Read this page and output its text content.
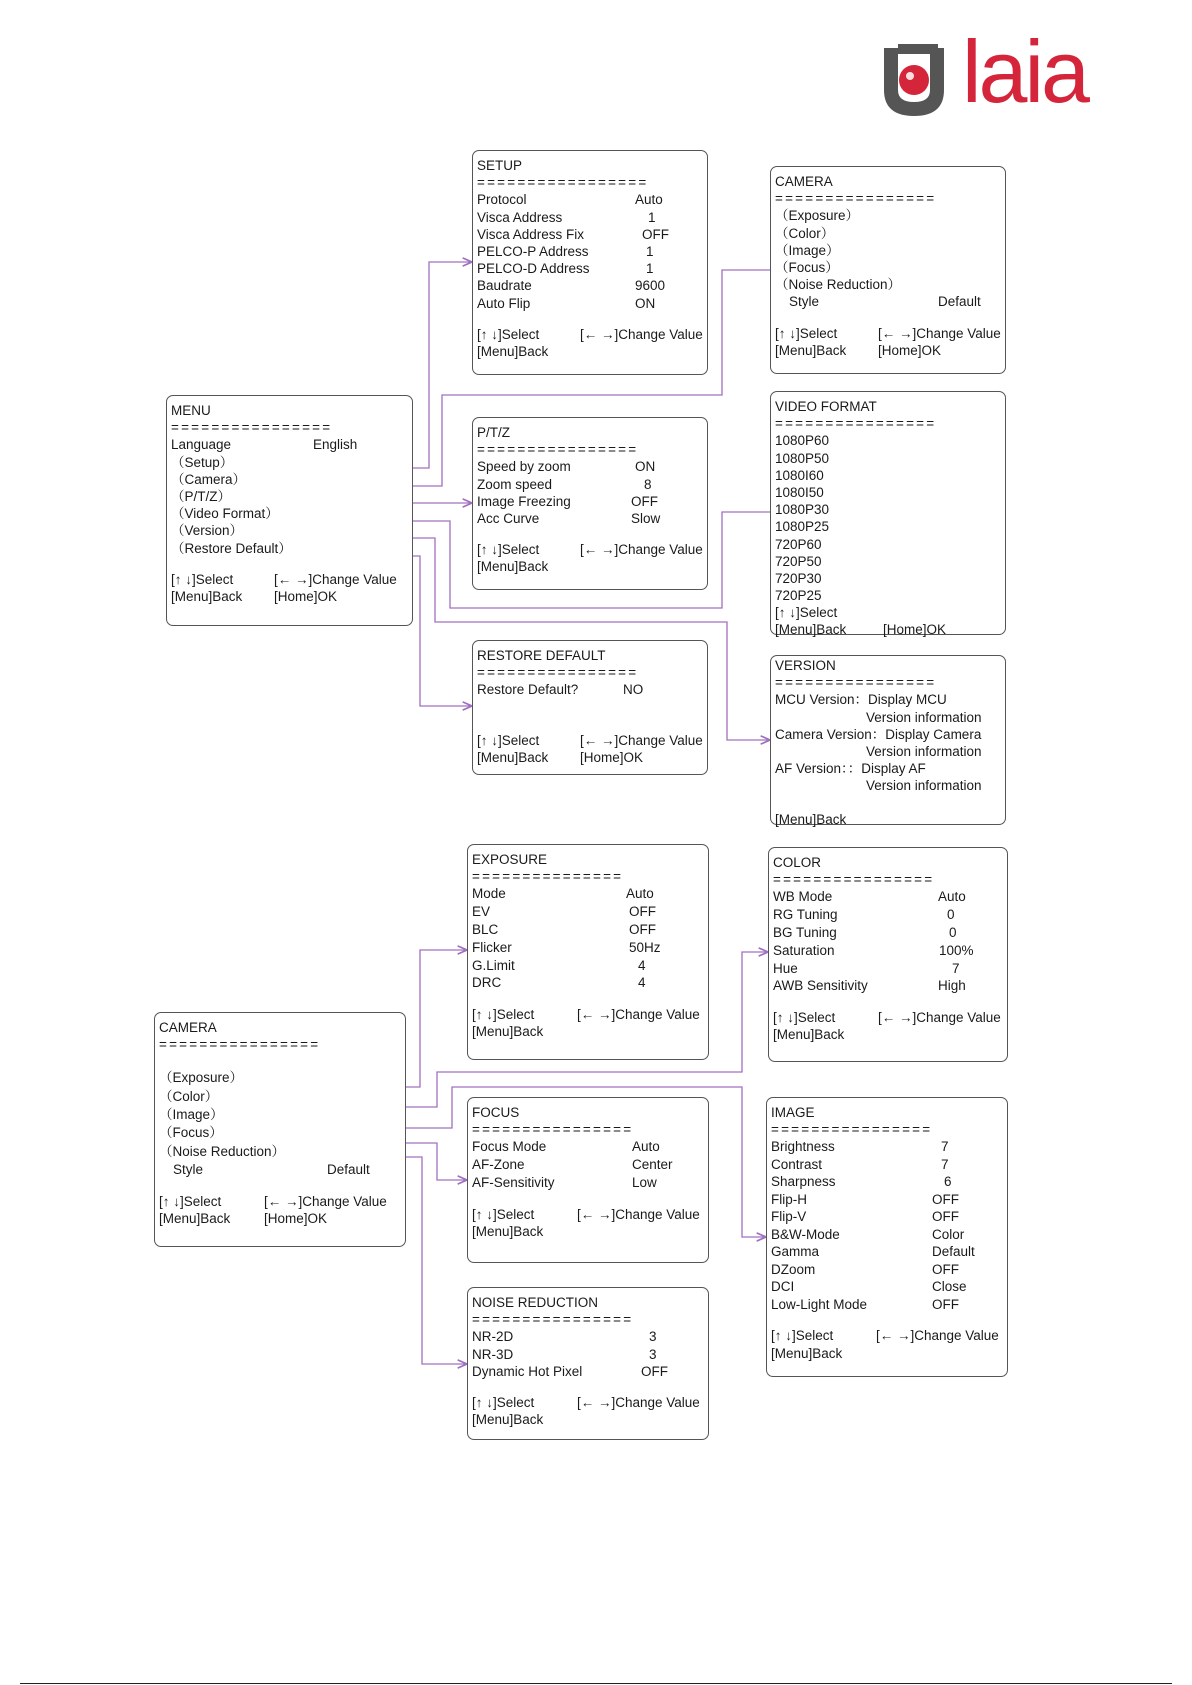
laia
MENU
================
Language	English
（Setup）
（Camera）
（P/T/Z）
（Video Format）
（Version）
（Restore Default）
[↑ ↓]Select	[← →]Change Value
[Menu]Back [Home]OK
SETUP
=================
Protocol	Auto
Visca Address	1
Visca Address Fix	OFF
PELCO-P Address	1
PELCO-D Address	1
Baudrate	9600
Auto Flip	ON
[↑ ↓]Select	[← →]Change Value
[Menu]Back
CAMERA
================
（Exposure）
（Color）
（Image）
（Focus）
（Noise Reduction）
Style	Default
[↑ ↓]Select	[← →]Change Value
[Menu]Back [Home]OK
P/T/Z
================
Speed by zoom	ON
Zoom speed	8
Image Freezing	OFF
Acc Curve	Slow
[↑ ↓]Select	[← →]Change Value
[Menu]Back
VIDEO FORMAT
================
1080P60
1080P50
1080I60
1080I50
1080P30
1080P25
720P60
720P50
720P30
720P25
[↑ ↓]Select
[Menu]Back	[Home]OK
RESTORE DEFAULT
================
Restore Default?	NO
[↑ ↓]Select	[← →]Change Value
[Menu]Back [Home]OK
VERSION
================
MCU Version：Display MCU
Version information
Camera Version：Display Camera
Version information
AF Version：：Display AF
Version information
[Menu]Back
CAMERA
================
（Exposure）
（Color）
（Image）
（Focus）
（Noise Reduction）
Style	Default
[↑ ↓]Select	[← →]Change Value
[Menu]Back [Home]OK
EXPOSURE
===============
Mode	Auto
EV	OFF
BLC	OFF
Flicker	50Hz
G.Limit	4
DRC	4
[↑ ↓]Select	[← →]Change Value
[Menu]Back
COLOR
================
WB Mode	Auto
RG Tuning	0
BG Tuning	0
Saturation	100%
Hue	7
AWB Sensitivity	High
[↑ ↓]Select	[← →]Change Value
[Menu]Back
FOCUS
================
Focus Mode	Auto
AF-Zone	Center
AF-Sensitivity	Low
[↑ ↓]Select	[← →]Change Value
[Menu]Back
IMAGE
================
Brightness	7
Contrast	7
Sharpness	6
Flip-H	OFF
Flip-V	OFF
B&W-Mode	Color
Gamma	Default
DZoom	OFF
DCI	Close
Low-Light Mode	OFF
[↑ ↓]Select	[← →]Change Value
[Menu]Back
NOISE REDUCTION
================
NR-2D	3
NR-3D	3
Dynamic Hot Pixel	OFF
[↑ ↓]Select	[← →]Change Value
[Menu]Back
